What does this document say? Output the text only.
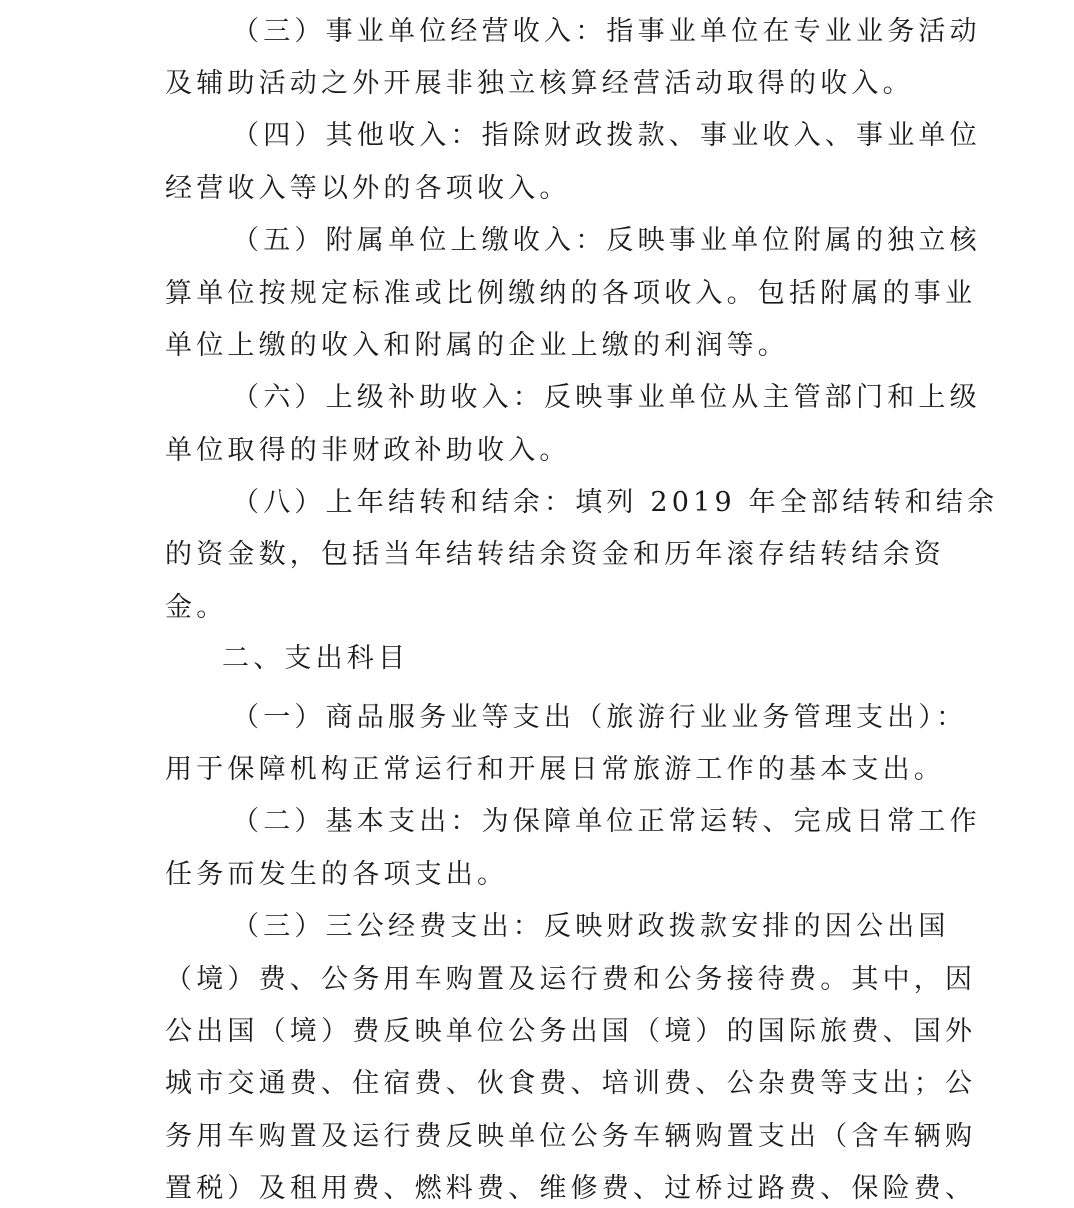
（三）事业单位经营收入：指事业单位在专业业务活动
及辅助活动之外开展非独立核算经营活动取得的收入。
（四）其他收入：指除财政拨款、事业收入、事业单位
经营收入等以外的各项收入。
（五）附属单位上缴收入：反映事业单位附属的独立核
算单位按规定标准或比例缴纳的各项收入。包括附属的事业
单位上缴的收入和附属的企业上缴的利润等。
（六）上级补助收入：反映事业单位从主管部门和上级
单位取得的非财政补助收入。
（八）上年结转和结余：填列 2019 年全部结转和结余
的资金数，包括当年结转结余资金和历年滚存结转结余资
金。
二、支出科目
（一）商品服务业等支出（旅游行业业务管理支出）：
用于保障机构正常运行和开展日常旅游工作的基本支出。
（二）基本支出：为保障单位正常运转、完成日常工作
任务而发生的各项支出。
（三）三公经费支出：反映财政拨款安排的因公出国
（境）费、公务用车购置及运行费和公务接待费。其中，因
公出国（境）费反映单位公务出国（境）的国际旅费、国外
城市交通费、住宿费、伙食费、培训费、公杂费等支出；公
务用车购置及运行费反映单位公务车辆购置支出（含车辆购
置税）及租用费、燃料费、维修费、过桥过路费、保险费、
